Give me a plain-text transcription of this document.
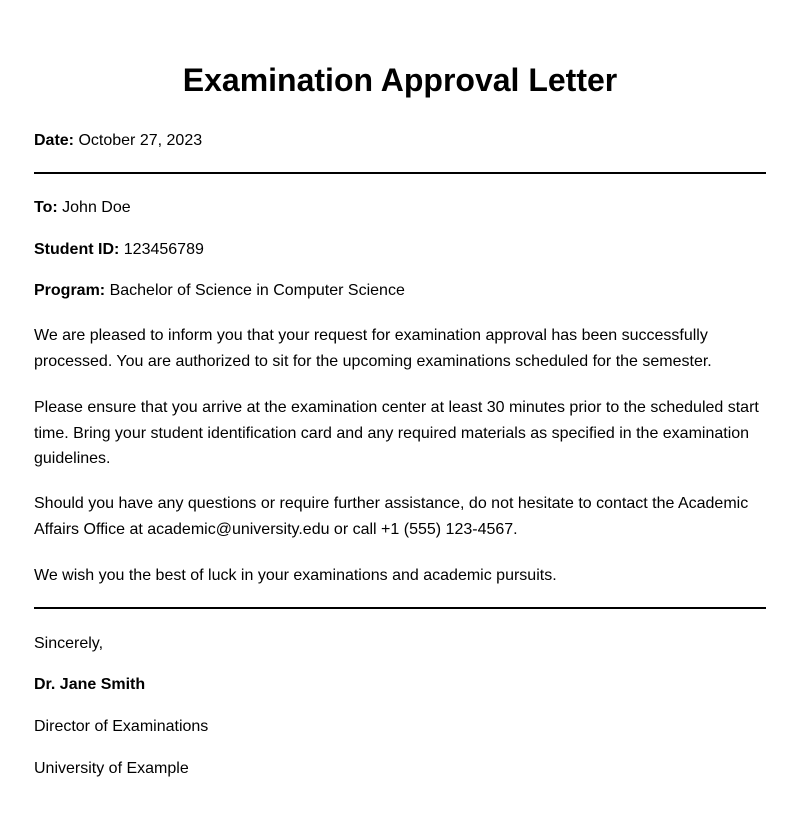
Examination Approval Letter

Date: October 27, 2023

To: John Doe

Student ID: 123456789

Program: Bachelor of Science in Computer Science

We are pleased to inform you that your request for examination approval has been successfully processed. You are authorized to sit for the upcoming examinations scheduled for the semester.

Please ensure that you arrive at the examination center at least 30 minutes prior to the scheduled start time. Bring your student identification card and any required materials as specified in the examination guidelines.

Should you have any questions or require further assistance, do not hesitate to contact the Academic Affairs Office at academic@university.edu or call +1 (555) 123-4567.

We wish you the best of luck in your examinations and academic pursuits.

Sincerely,

Dr. Jane Smith

Director of Examinations

University of Example
